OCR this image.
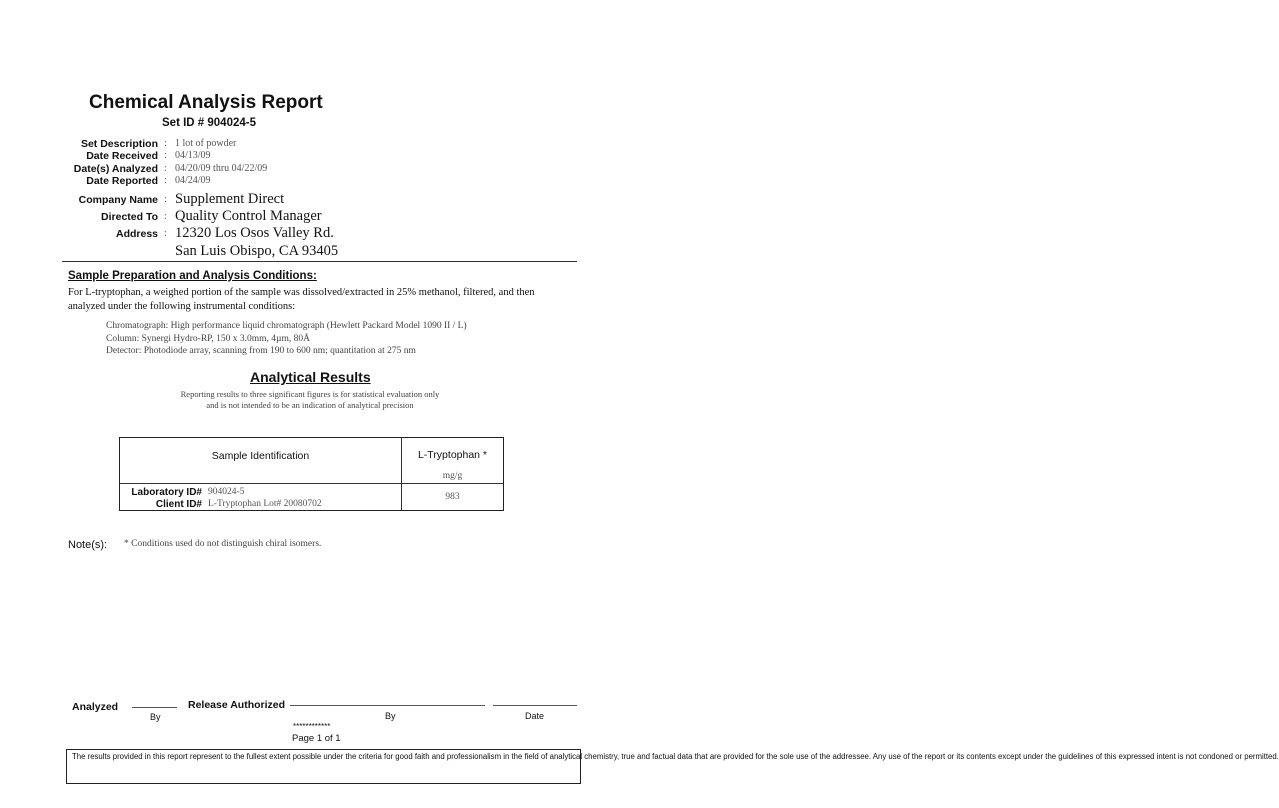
Chemical Analysis Report
Set ID # 904024-5
Set Description : 1 lot of powder
Date Received : 04/13/09
Date(s) Analyzed : 04/20/09 thru 04/22/09
Date Reported : 04/24/09
Company Name : Supplement Direct
Directed To : Quality Control Manager
Address : 12320 Los Osos Valley Rd.
San Luis Obispo, CA 93405
Sample Preparation and Analysis Conditions:
For L-tryptophan, a weighed portion of the sample was dissolved/extracted in 25% methanol, filtered, and then analyzed under the following instrumental conditions:
Chromatograph: High performance liquid chromatograph (Hewlett Packard Model 1090 II / L)
Column: Synergi Hydro-RP, 150 x 3.0mm, 4µm, 80Å
Detector: Photodiode array, scanning from 190 to 600 nm; quantitation at 275 nm
Analytical Results
Reporting results to three significant figures is for statistical evaluation only
and is not intended to be an indication of analytical precision
Sample Identification	L-Tryptophan *
mg/g
Laboratory ID# 904024-5
Client ID# L-Tryptophan Lot# 20080702
983
Note(s): * Conditions used do not distinguish chiral isomers.
Analyzed
By
Release Authorized
By	Date
************
Page 1 of 1
The results provided in this report represent to the fullest extent possible under the criteria for good faith and professionalism in the field of analytical chemistry, true and factual data that are provided for the sole use of the addressee. Any use of the report or its contents except under the guidelines of this expressed intent is not condoned or permitted.
